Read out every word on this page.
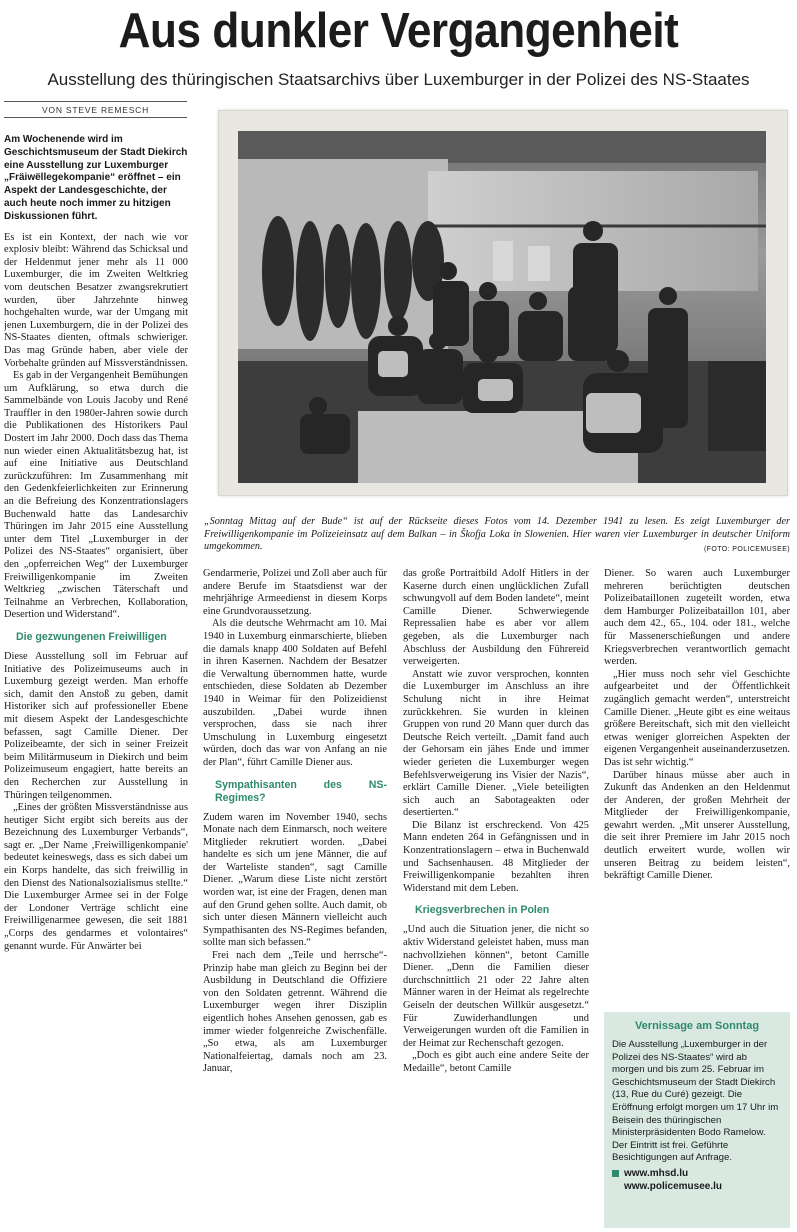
Aus dunkler Vergangenheit
Ausstellung des thüringischen Staatsarchivs über Luxemburger in der Polizei des NS-Staates
VON STEVE REMESCH

Am Wochenende wird im Geschichtsmuseum der Stadt Diekirch eine Ausstellung zur Luxemburger „Fräiwëllegekompanie“ eröffnet – ein Aspekt der Landesgeschichte, der auch heute noch immer zu hitzigen Diskussionen führt.

Es ist ein Kontext, der nach wie vor explosiv bleibt: Während das Schicksal und der Heldenmut jener mehr als 11 000 Luxemburger, die im Zweiten Weltkrieg vom deutschen Besatzer zwangsrekrutiert wurden, über Jahrzehnte hinweg hochgehalten wurde, war der Umgang mit jenen Luxemburgern, die in der Polizei des NS-Staates dienten, oftmals schwieriger. Das mag Gründe haben, aber viele der Vorbehalte gründen auf Missverständnissen.

Es gab in der Vergangenheit Bemühungen um Aufklärung, so etwa durch die Sammelbände von Louis Jacoby und René Trauffler in den 1980er-Jahren sowie durch die Publikationen des Historikers Paul Dostert im Jahr 2000. Doch dass das Thema nun wieder einen Aktualitätsbezug hat, ist auf eine Initiative aus Deutschland zurückzuführen: Im Zusammenhang mit den Gedenkfeierlichkeiten zur Erinnerung an die Befreiung des Konzentrationslagers Buchenwald hatte das Landesarchiv Thüringen im Jahr 2015 eine Ausstellung unter dem Titel „Luxemburger in der Polizei des NS-Staates“ organisiert, über den „opferreichen Weg“ der Luxemburger Freiwilligenkompanie im Zweiten Weltkrieg „zwischen Täterschaft und Teilnahme an Verbrechen, Kollaboration, Desertion und Widerstand“.

Die gezwungenen Freiwilligen

Diese Ausstellung soll im Februar auf Initiative des Polizeimuseums auch in Luxemburg gezeigt werden. Man erhoffe sich, damit den Anstoß zu geben, damit Historiker sich auf professioneller Ebene mit diesem Aspekt der Landesgeschichte befassen, sagt Camille Diener. Der Polizeibeamte, der sich in seiner Freizeit beim Militärmuseum in Diekirch und beim Polizeimuseum engagiert, hatte bereits an den Recherchen zur Ausstellung in Thüringen teilgenommen.

„Eines der größten Missverständnisse aus heutiger Sicht ergibt sich bereits aus der Bezeichnung des Luxemburger Verbands“, sagt er. „Der Name ,Freiwilligenkompanie' bedeutet keineswegs, dass es sich dabei um ein Korps handelte, das sich freiwillig in den Dienst des Nationalsozialismus stellte.“ Die Luxemburger Armee sei in der Folge der Londoner Verträge schlicht eine Freiwilligenarmee gewesen, die seit 1881 „Corps des gendarmes et volontaires“ genannt wurde. Für Anwärter bei

„Sonntag Mittag auf der Bude“ ist auf der Rückseite dieses Fotos vom 14. Dezember 1941 zu lesen. Es zeigt Luxemburger der Freiwilligenkompanie im Polizeieinsatz auf dem Balkan – in Škofja Loka in Slowenien. Hier waren vier Luxemburger in deutscher Uniform umgekommen.	(FOTO: POLICEMUSEE)

Gendarmerie, Polizei und Zoll aber auch für andere Berufe im Staatsdienst war der mehrjährige Armeedienst in diesem Korps eine Grundvoraussetzung.

Als die deutsche Wehrmacht am 10. Mai 1940 in Luxemburg einmarschierte, blieben die damals knapp 400 Soldaten auf Befehl in ihren Kasernen. Nachdem der Besatzer die Verwaltung übernommen hatte, wurde entschieden, diese Soldaten ab Dezember 1940 in Weimar für den Polizeidienst auszubilden. „Dabei wurde ihnen versprochen, dass sie nach ihrer Umschulung in Luxemburg eingesetzt würden, doch das war von Anfang an nie der Plan“, führt Camille Diener aus.

Sympathisanten des NS-Regimes?

Zudem waren im November 1940, sechs Monate nach dem Einmarsch, noch weitere Mitglieder rekrutiert worden. „Dabei handelte es sich um jene Männer, die auf der Warteliste standen“, sagt Camille Diener. „Warum diese Liste nicht zerstört worden war, ist eine der Fragen, denen man auf den Grund gehen sollte. Auch damit, ob sich unter diesen Männern vielleicht auch Sympathisanten des NS-Regimes befanden, sollte man sich befassen.“

Frei nach dem „Teile und herrsche“-Prinzip habe man gleich zu Beginn bei der Ausbildung in Deutschland die Offiziere von den Soldaten getrennt. Während die Luxemburger wegen ihrer Disziplin eigentlich hohes Ansehen genossen, gab es immer wieder folgenreiche Zwischenfälle. „So etwa, als am Luxemburger Nationalfeiertag, damals noch am 23. Januar,

das große Portraitbild Adolf Hitlers in der Kaserne durch einen unglücklichen Zufall schwungvoll auf dem Boden landete“, meint Camille Diener. Schwerwiegende Repressalien habe es aber vor allem gegeben, als die Luxemburger nach Abschluss der Ausbildung den Führereid verweigerten.

Anstatt wie zuvor versprochen, konnten die Luxemburger im Anschluss an ihre Schulung nicht in ihre Heimat zurückkehren. Sie wurden in kleinen Gruppen von rund 20 Mann quer durch das Deutsche Reich verteilt. „Damit fand auch der Gehorsam ein jähes Ende und immer wieder gerieten die Luxemburger wegen Befehlsverweigerung ins Visier der Nazis“, erklärt Camille Diener. „Viele beteiligten sich auch an Sabotageakten oder desertierten.“

Die Bilanz ist erschreckend. Von 425 Mann endeten 264 in Gefängnissen und in Konzentrationslagern – etwa in Buchenwald und Sachsenhausen. 48 Mitglieder der Freiwilligenkompanie bezahlten ihren Widerstand mit dem Leben.

Kriegsverbrechen in Polen

„Und auch die Situation jener, die nicht so aktiv Widerstand geleistet haben, muss man nachvollziehen können“, betont Camille Diener. „Denn die Familien dieser durchschnittlich 21 oder 22 Jahre alten Männer waren in der Heimat als regelrechte Geiseln der deutschen Willkür ausgesetzt.“ Für Zuwiderhandlungen und Verweigerungen wurden oft die Familien in der Heimat zur Rechenschaft gezogen.

„Doch es gibt auch eine andere Seite der Medaille“, betont Camille

Diener. So waren auch Luxemburger mehreren berüchtigten deutschen Polizeibataillonen zugeteilt worden, etwa dem Hamburger Polizeibataillon 101, aber auch dem 42., 65., 104. oder 181., welche für Massenerschießungen und andere Kriegsverbrechen verantwortlich gemacht werden.

„Hier muss noch sehr viel Geschichte aufgearbeitet und der Öffentlichkeit zugänglich gemacht werden“, unterstreicht Camille Diener. „Heute gibt es eine weitaus größere Bereitschaft, sich mit den vielleicht etwas weniger glorreichen Aspekten der eigenen Vergangenheit auseinanderzusetzen. Das ist sehr wichtig.“

Darüber hinaus müsse aber auch in Zukunft das Andenken an den Heldenmut der Anderen, der großen Mehrheit der Mitglieder der Freiwilligenkompanie, gewahrt werden. „Mit unserer Ausstellung, die seit ihrer Premiere im Jahr 2015 noch deutlich erweitert wurde, wollen wir unseren Beitrag zu beidem leisten“, bekräftigt Camille Diener.

Vernissage am Sonntag

Die Ausstellung „Luxemburger in der Polizei des NS-Staates“ wird ab morgen und bis zum 25. Februar im Geschichtsmuseum der Stadt Diekirch (13, Rue du Curé) gezeigt. Die Eröffnung erfolgt morgen um 17 Uhr im Beisein des thüringischen Ministerpräsidenten Bodo Ramelow. Der Eintritt ist frei. Geführte Besichtigungen auf Anfrage.

www.mhsd.lu
www.policemusee.lu
